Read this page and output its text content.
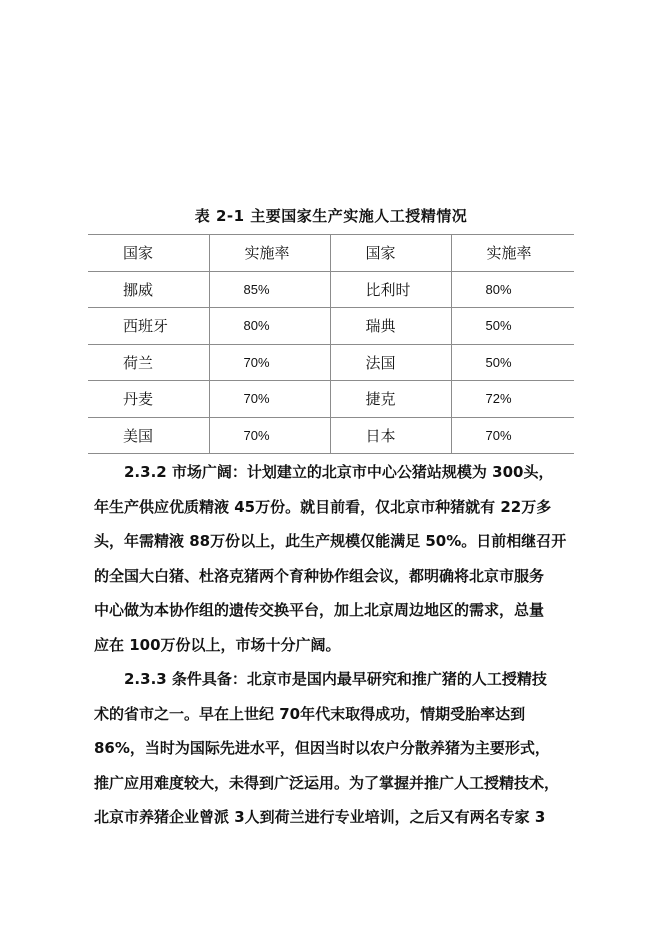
表 2-1 主要国家生产实施人工授精情况
国家	实施率	国家	实施率
挪威	85%	比利时	80%
西班牙	80%	瑞典	50%
荷兰	70%	法国	50%
丹麦	70%	捷克	72%
美国	70%	日本	70%
2.3.2 市场广阔：计划建立的北京市中心公猪站规模为 300头，
年生产供应优质精液 45万份。就目前看，仅北京市种猪就有 22万多
头，年需精液 88万份以上，此生产规模仅能满足 50%。日前相继召开
的全国大白猪、杜洛克猪两个育种协作组会议，都明确将北京市服务
中心做为本协作组的遗传交换平台，加上北京周边地区的需求，总量
应在 100万份以上，市场十分广阔。
2.3.3 条件具备：北京市是国内最早研究和推广猪的人工授精技
术的省市之一。早在上世纪 70年代末取得成功，情期受胎率达到
86%，当时为国际先进水平，但因当时以农户分散养猪为主要形式，
推广应用难度较大，未得到广泛运用。为了掌握并推广人工授精技术，
北京市养猪企业曾派 3人到荷兰进行专业培训，之后又有两名专家 3
